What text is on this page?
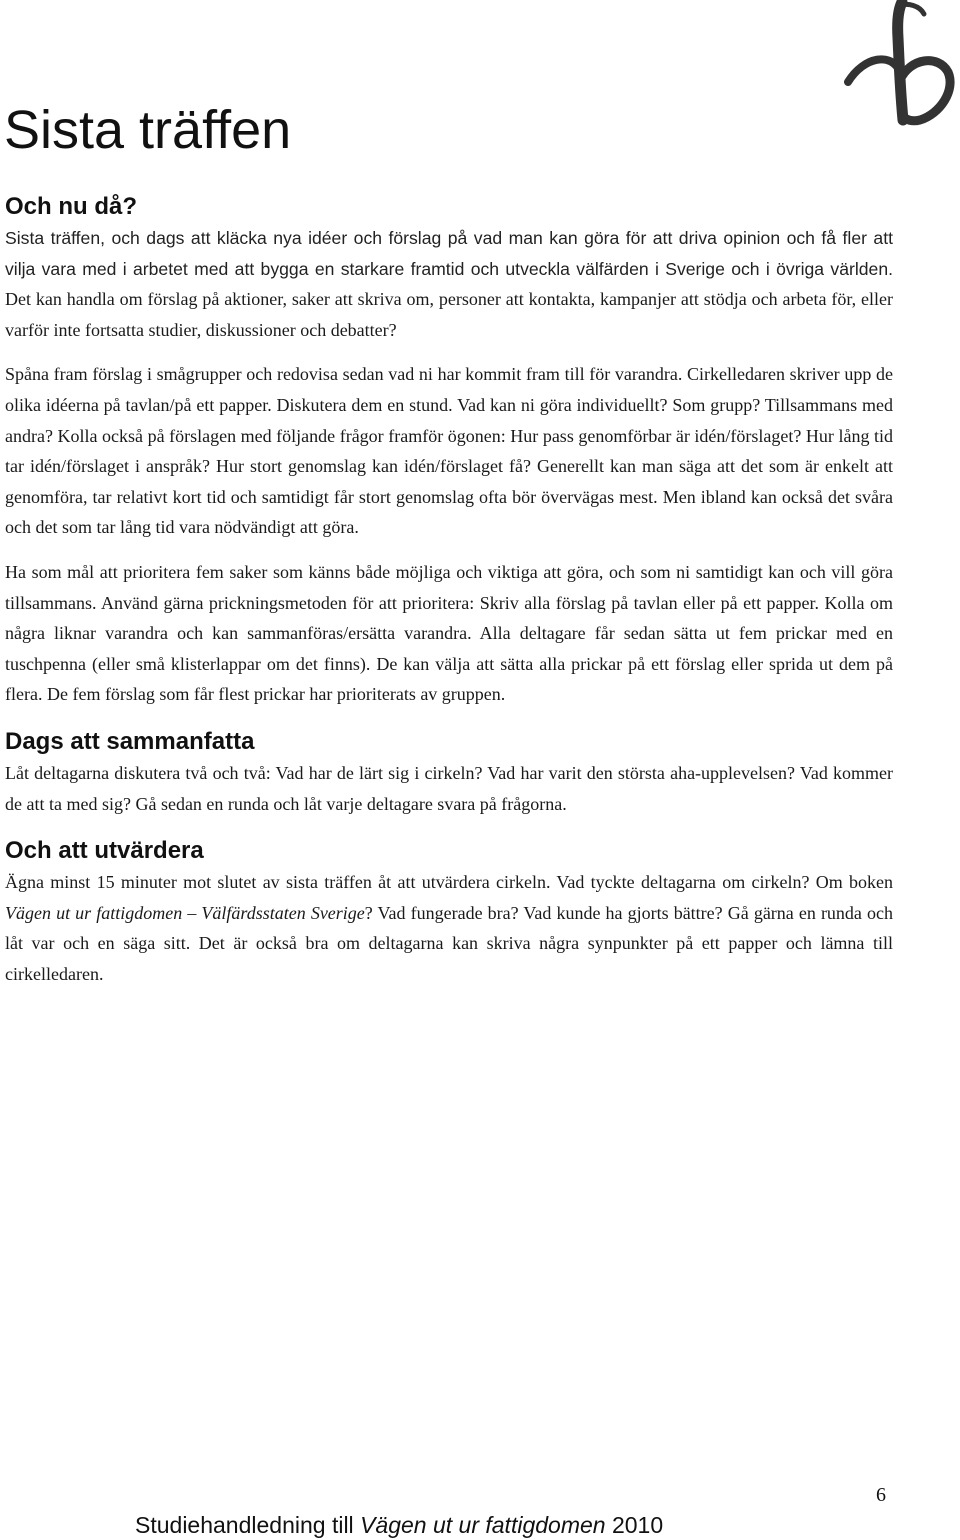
Sista träffen
Och nu då?

Sista träffen, och dags att kläcka nya idéer och förslag på vad man kan göra för att driva opinion och få fler att vilja vara med i arbetet med att bygga en starkare framtid och utveckla välfärden i Sverige och i övriga världen. Det kan handla om förslag på aktioner, saker att skriva om, personer att kontakta, kampanjer att stödja och arbeta för, eller varför inte fortsatta studier, diskussioner och debatter?

Spåna fram förslag i smågrupper och redovisa sedan vad ni har kommit fram till för varandra. Cirkelledaren skriver upp de olika idéerna på tavlan/på ett papper. Diskutera dem en stund. Vad kan ni göra individuellt? Som grupp? Tillsammans med andra? Kolla också på förslagen med följande frågor framför ögonen: Hur pass genomförbar är idén/förslaget? Hur lång tid tar idén/förslaget i anspråk? Hur stort genomslag kan idén/förslaget få? Generellt kan man säga att det som är enkelt att genomföra, tar relativt kort tid och samtidigt får stort genomslag ofta bör övervägas mest. Men ibland kan också det svåra och det som tar lång tid vara nödvändigt att göra.

Ha som mål att prioritera fem saker som känns både möjliga och viktiga att göra, och som ni samtidigt kan och vill göra tillsammans. Använd gärna prickningsmetoden för att prioritera: Skriv alla förslag på tavlan eller på ett papper. Kolla om några liknar varandra och kan sammanföras/ersätta varandra. Alla deltagare får sedan sätta ut fem prickar med en tuschpenna (eller små klisterlappar om det finns). De kan välja att sätta alla prickar på ett förslag eller sprida ut dem på flera. De fem förslag som får flest prickar har prioriterats av gruppen.

Dags att sammanfatta

Låt deltagarna diskutera två och två: Vad har de lärt sig i cirkeln? Vad har varit den största aha-upplevelsen? Vad kommer de att ta med sig? Gå sedan en runda och låt varje deltagare svara på frågorna.

Och att utvärdera

Ägna minst 15 minuter mot slutet av sista träffen åt att utvärdera cirkeln. Vad tyckte deltagarna om cirkeln? Om boken Vägen ut ur fattigdomen – Välfärdsstaten Sverige? Vad fungerade bra? Vad kunde ha gjorts bättre? Gå gärna en runda och låt var och en säga sitt. Det är också bra om deltagarna kan skriva några synpunkter på ett papper och lämna till cirkelledaren.

6
Studiehandledning till Vägen ut ur fattigdomen 2010
